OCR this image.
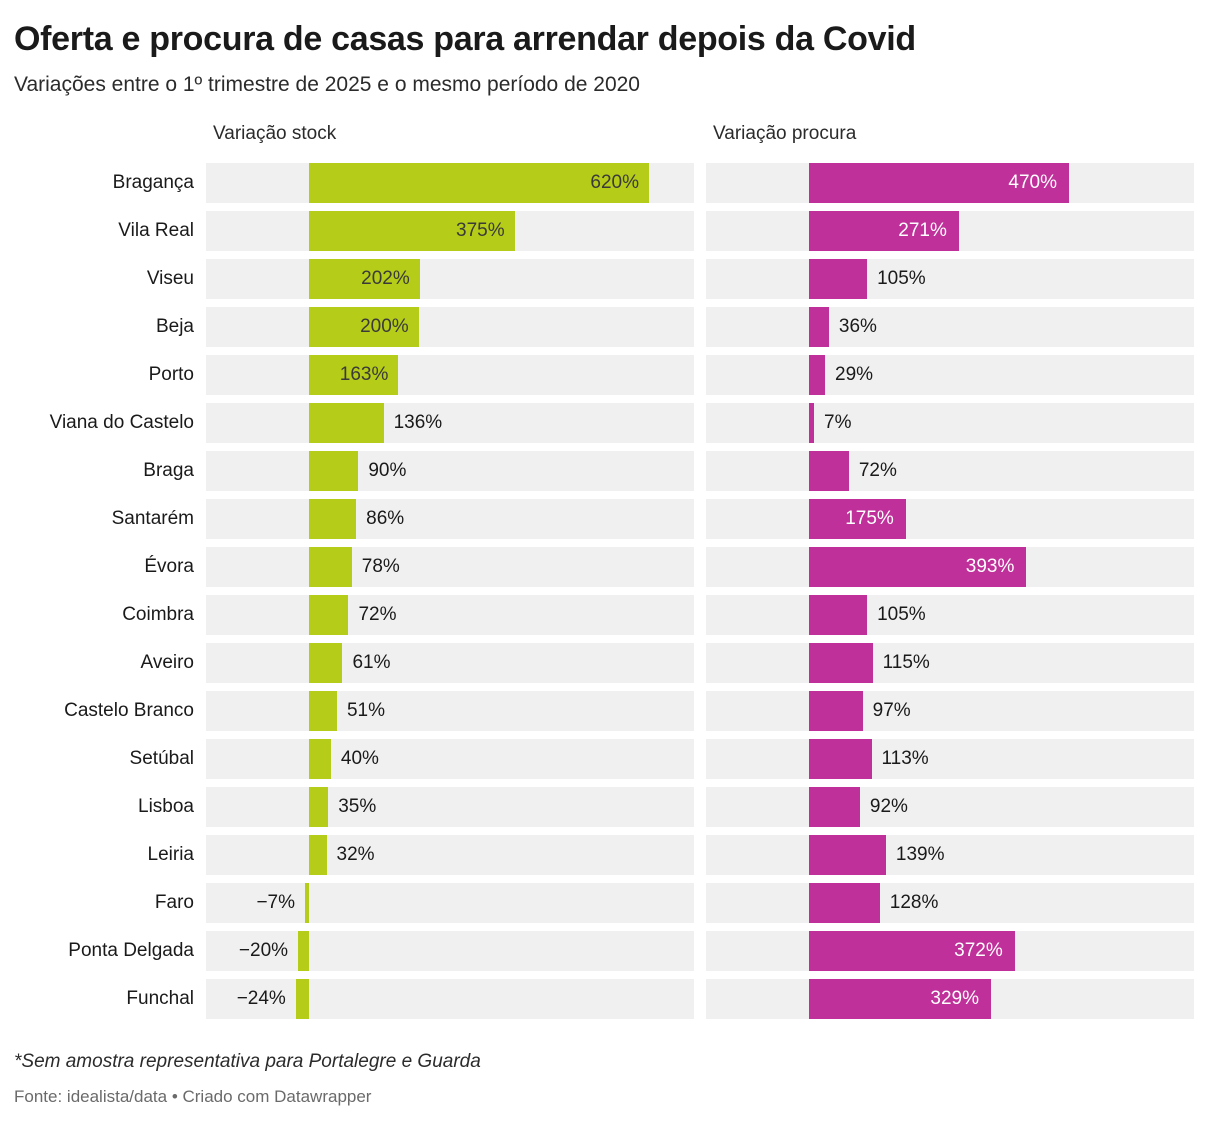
Oferta e procura de casas para arrendar depois da Covid
Variações entre o 1º trimestre de 2025 e o mesmo período de 2020
Variação stock	Variação procura
Bragança	620%	470%
Vila Real	375%	271%
Viseu	202%	105%
Beja	200%	36%
Porto	163%	29%
Viana do Castelo	136%	7%
Braga	90%	72%
Santarém	86%	175%
Évora	78%	393%
Coimbra	72%	105%
Aveiro	61%	115%
Castelo Branco	51%	97%
Setúbal	40%	113%
Lisboa	35%	92%
Leiria	32%	139%
Faro	−7%	128%
Ponta Delgada	−20%	372%
Funchal	−24%	329%
*Sem amostra representativa para Portalegre e Guarda
Fonte: idealista/data • Criado com Datawrapper
